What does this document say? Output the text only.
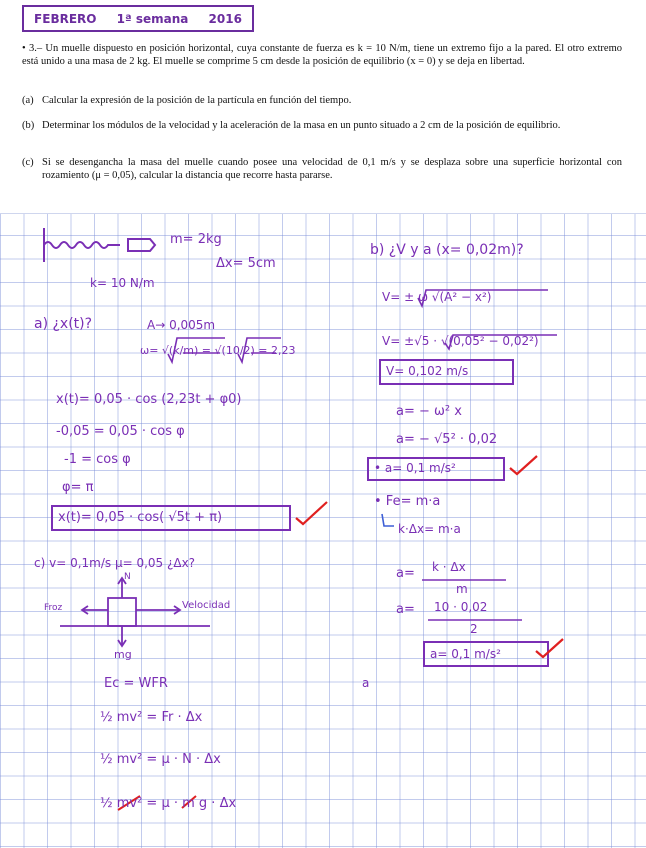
FEBRERO 1ª semana 2016
• 3.– Un muelle dispuesto en posición horizontal, cuya constante de fuerza es k = 10 N/m, tiene un extremo fijo a la pared. El otro extremo está unido a una masa de 2 kg. El muelle se comprime 5 cm desde la posición de equilibrio (x = 0) y se deja en libertad.
(a) Calcular la expresión de la posición de la partícula en función del tiempo.
(b) Determinar los módulos de la velocidad y la aceleración de la masa en un punto situado a 2 cm de la posición de equilibrio.
(c) Si se desengancha la masa del muelle cuando posee una velocidad de 0,1 m/s y se desplaza sobre una superficie horizontal con rozamiento (μ = 0,05), calcular la distancia que recorre hasta pararse.
m= 2kg
Δx= 5cm
k= 10 N/m
a) ¿x(t)?	A→ 0,005m
ω= √(k/m) = √(10/2) = 2,23
x(t)= 0,05 · cos (2,23t + φ0)
-0,05 = 0,05 · cos φ
-1 = cos φ
φ= π
x(t)= 0,05 · cos( √5t + π)
b) ¿V y a (x= 0,02m)?
V= ± ω √(A² − x²)
V= ±√5 · √(0,05² − 0,02²)
V= 0,102 m/s
a= − ω² x
a= − √5² · 0,02
• a= 0,1 m/s²
• Fe= m·a
k·Δx= m·a
a= k · Δx
m
a= 10 · 0,02
2
a= 0,1 m/s²
c) v= 0,1m/s μ= 0,05 ¿Δx?
N
Froz	Velocidad
mg
Ec = WFR
½ mv² = Fr · Δx
½ mv² = μ · N · Δx
½ mv² = μ · m g · Δx
a
